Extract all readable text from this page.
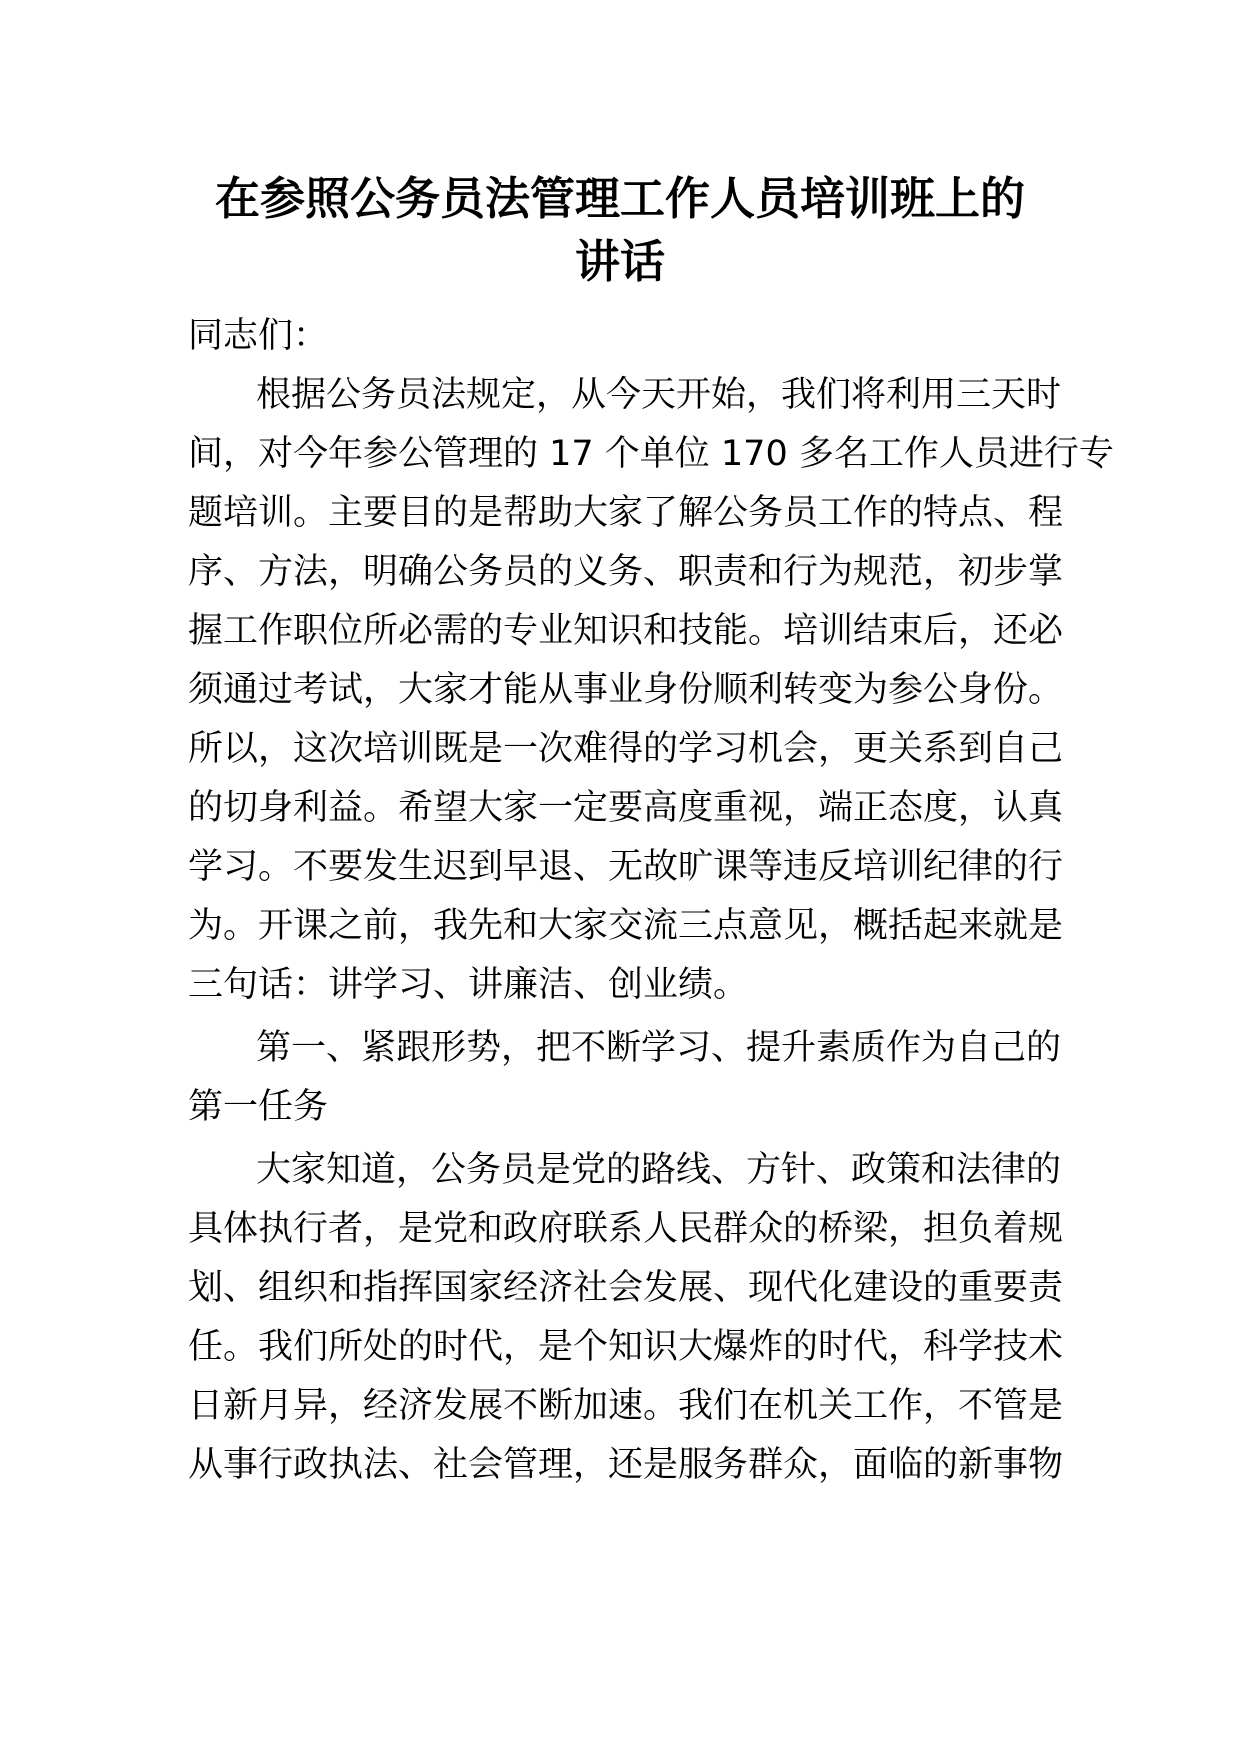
在参照公务员法管理工作人员培训班上的
讲话
同志们：
根据公务员法规定，从今天开始，我们将利用三天时
间，对今年参公管理的 17 个单位 170 多名工作人员进行专
题培训。主要目的是帮助大家了解公务员工作的特点、程
序、方法，明确公务员的义务、职责和行为规范，初步掌
握工作职位所必需的专业知识和技能。培训结束后，还必
须通过考试，大家才能从事业身份顺利转变为参公身份。
所以，这次培训既是一次难得的学习机会，更关系到自己
的切身利益。希望大家一定要高度重视，端正态度，认真
学习。不要发生迟到早退、无故旷课等违反培训纪律的行
为。开课之前，我先和大家交流三点意见，概括起来就是
三句话：讲学习、讲廉洁、创业绩。
第一、紧跟形势，把不断学习、提升素质作为自己的
第一任务
大家知道，公务员是党的路线、方针、政策和法律的
具体执行者，是党和政府联系人民群众的桥梁，担负着规
划、组织和指挥国家经济社会发展、现代化建设的重要责
任。我们所处的时代，是个知识大爆炸的时代，科学技术
日新月异，经济发展不断加速。我们在机关工作，不管是
从事行政执法、社会管理，还是服务群众，面临的新事物
